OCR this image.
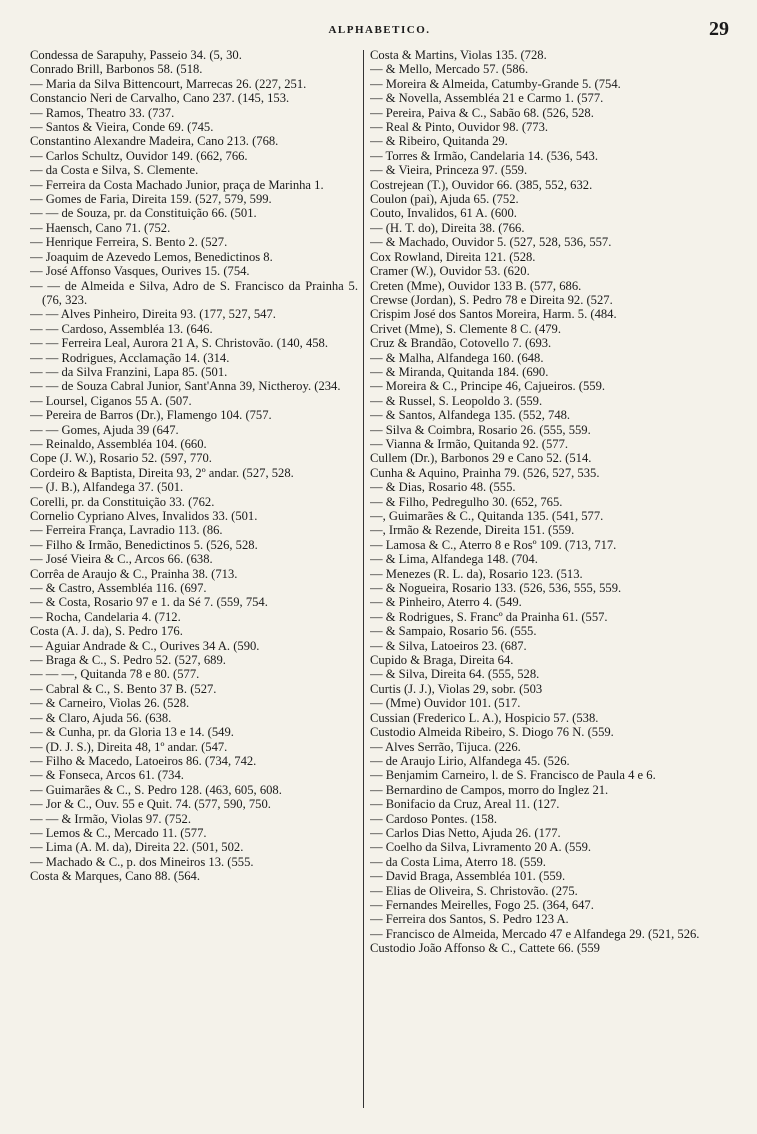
ALPHABETICO.	29

Condessa de Sarapuhy, Passeio 34. (5, 30.

Conrado Brill, Barbonos 58. (518.

— Maria da Silva Bittencourt, Marrecas 26. (227, 251.

Constancio Neri de Carvalho, Cano 237. (145, 153.

— Ramos, Theatro 33. (737.

— Santos & Vieira, Conde 69. (745.

Constantino Alexandre Madeira, Cano 213. (768.

— Carlos Schultz, Ouvidor 149. (662, 766.

— da Costa e Silva, S. Clemente.

— Ferreira da Costa Machado Junior, praça de Marinha 1.

— Gomes de Faria, Direita 159. (527, 579, 599.

— — de Souza, pr. da Constituição 66. (501.

— Haensch, Cano 71. (752.

— Henrique Ferreira, S. Bento 2. (527.

— Joaquim de Azevedo Lemos, Benedictinos 8.

— José Affonso Vasques, Ourives 15. (754.

— — de Almeida e Silva, Adro de S. Francisco da Prainha 5. (76, 323.

— — Alves Pinheiro, Direita 93. (177, 527, 547.

— — Cardoso, Assembléa 13. (646.

— — Ferreira Leal, Aurora 21 A, S. Christovão. (140, 458.

— — Rodrigues, Acclamação 14. (314.

— — da Silva Franzini, Lapa 85. (501.

— — de Souza Cabral Junior, Sant'Anna 39, Nictheroy. (234.

— Loursel, Ciganos 55 A. (507.

— Pereira de Barros (Dr.), Flamengo 104. (757.

— — Gomes, Ajuda 39 (647.

— Reinaldo, Assembléa 104. (660.

Cope (J. W.), Rosario 52. (597, 770.

Cordeiro & Baptista, Direita 93, 2º andar. (527, 528.

— (J. B.), Alfandega 37. (501.

Corelli, pr. da Constituição 33. (762.

Cornelio Cypriano Alves, Invalidos 33. (501.

— Ferreira França, Lavradio 113. (86.

— Filho & Irmão, Benedictinos 5. (526, 528.

— José Vieira & C., Arcos 66. (638.

Corrêa de Araujo & C., Prainha 38. (713.

— & Castro, Assembléa 116. (697.

— & Costa, Rosario 97 e 1. da Sé 7. (559, 754.

— Rocha, Candelaria 4. (712.

Costa (A. J. da), S. Pedro 176.

— Aguiar Andrade & C., Ourives 34 A. (590.

— Braga & C., S. Pedro 52. (527, 689.

— — —, Quitanda 78 e 80. (577.

— Cabral & C., S. Bento 37 B. (527.

— & Carneiro, Violas 26. (528.

— & Claro, Ajuda 56. (638.

— & Cunha, pr. da Gloria 13 e 14. (549.

— (D. J. S.), Direita 48, 1º andar. (547.

— Filho & Macedo, Latoeiros 86. (734, 742.

— & Fonseca, Arcos 61. (734.

— Guimarães & C., S. Pedro 128. (463, 605, 608.

— Jor & C., Ouv. 55 e Quit. 74. (577, 590, 750.

— — & Irmão, Violas 97. (752.

— Lemos & C., Mercado 11. (577.

— Lima (A. M. da), Direita 22. (501, 502.

— Machado & C., p. dos Mineiros 13. (555.

Costa & Marques, Cano 88. (564.

Costa & Martins, Violas 135. (728.

— & Mello, Mercado 57. (586.

— Moreira & Almeida, Catumby-Grande 5. (754.

— & Novella, Assembléa 21 e Carmo 1. (577.

— Pereira, Paiva & C., Sabão 68. (526, 528.

— Real & Pinto, Ouvidor 98. (773.

— & Ribeiro, Quitanda 29.

— Torres & Irmão, Candelaria 14. (536, 543.

— & Vieira, Princeza 97. (559.

Costrejean (T.), Ouvidor 66. (385, 552, 632.

Coulon (pai), Ajuda 65. (752.

Couto, Invalidos, 61 A. (600.

— (H. T. do), Direita 38. (766.

— & Machado, Ouvidor 5. (527, 528, 536, 557.

Cox Rowland, Direita 121. (528.

Cramer (W.), Ouvidor 53. (620.

Creten (Mme), Ouvidor 133 B. (577, 686.

Crewse (Jordan), S. Pedro 78 e Direita 92. (527.

Crispim José dos Santos Moreira, Harm. 5. (484.

Crivet (Mme), S. Clemente 8 C. (479.

Cruz & Brandão, Cotovello 7. (693.

— & Malha, Alfandega 160. (648.

— & Miranda, Quitanda 184. (690.

— Moreira & C., Principe 46, Cajueiros. (559.

— & Russel, S. Leopoldo 3. (559.

— & Santos, Alfandega 135. (552, 748.

— Silva & Coimbra, Rosario 26. (555, 559.

— Vianna & Irmão, Quitanda 92. (577.

Cullem (Dr.), Barbonos 29 e Cano 52. (514.

Cunha & Aquino, Prainha 79. (526, 527, 535.

— & Dias, Rosario 48. (555.

— & Filho, Pedregulho 30. (652, 765.

—, Guimarães & C., Quitanda 135. (541, 577.

—, Irmão & Rezende, Direita 151. (559.

— Lamosa & C., Aterro 8 e Rosº 109. (713, 717.

— & Lima, Alfandega 148. (704.

— Menezes (R. L. da), Rosario 123. (513.

— & Nogueira, Rosario 133. (526, 536, 555, 559.

— & Pinheiro, Aterro 4. (549.

— & Rodrigues, S. Francº da Prainha 61. (557.

— & Sampaio, Rosario 56. (555.

— & Silva, Latoeiros 23. (687.

Cupido & Braga, Direita 64.

— & Silva, Direita 64. (555, 528.

Curtis (J. J.), Violas 29, sobr. (503

— (Mme) Ouvidor 101. (517.

Cussian (Frederico L. A.), Hospicio 57. (538.

Custodio Almeida Ribeiro, S. Diogo 76 N. (559.

— Alves Serrão, Tijuca. (226.

— de Araujo Lirio, Alfandega 45. (526.

— Benjamim Carneiro, l. de S. Francisco de Paula 4 e 6.

— Bernardino de Campos, morro do Inglez 21.

— Bonifacio da Cruz, Areal 11. (127.

— Cardoso Pontes. (158.

— Carlos Dias Netto, Ajuda 26. (177.

— Coelho da Silva, Livramento 20 A. (559.

— da Costa Lima, Aterro 18. (559.

— David Braga, Assembléa 101. (559.

— Elias de Oliveira, S. Christovão. (275.

— Fernandes Meirelles, Fogo 25. (364, 647.

— Ferreira dos Santos, S. Pedro 123 A.

— Francisco de Almeida, Mercado 47 e Alfandega 29. (521, 526.

Custodio João Affonso & C., Cattete 66. (559
